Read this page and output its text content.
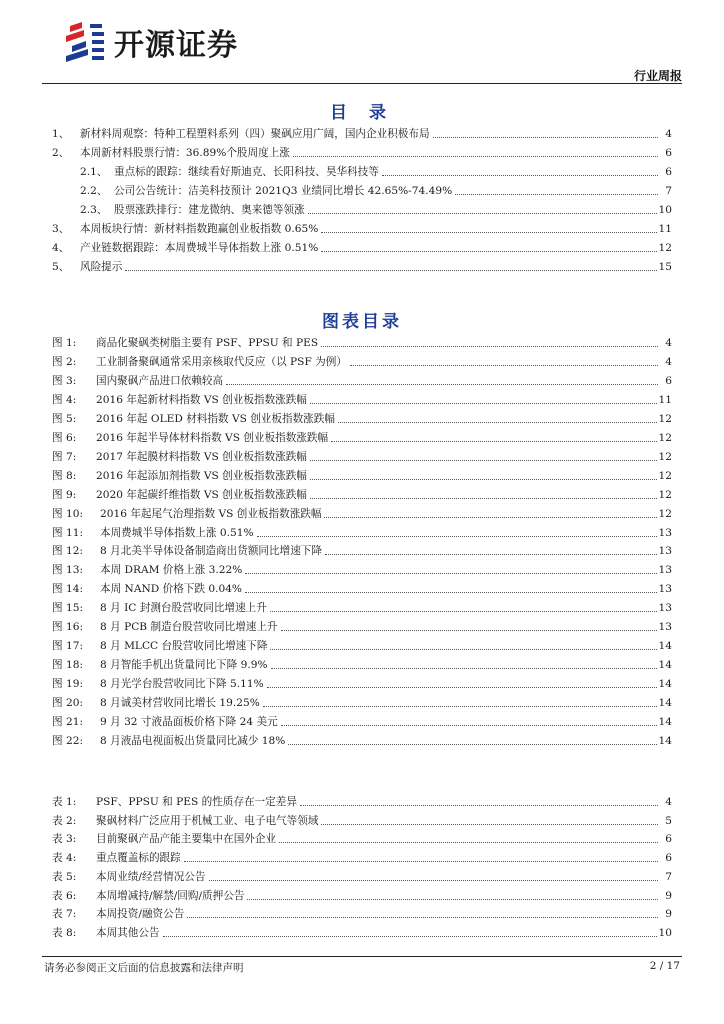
开源证券
行业周报
目 录
1、	新材料周观察：特种工程塑料系列（四）聚砜应用广阔，国内企业积极布局	4
2、	本周新材料股票行情：36.89%个股周度上涨	6
2.1、 重点标的跟踪：继续看好斯迪克、长阳科技、昊华科技等	6
2.2、 公司公告统计：洁美科技预计 2021Q3 业绩同比增长 42.65%-74.49%	7
2.3、 股票涨跌排行：建龙微纳、奥来德等领涨	10
3、	本周板块行情：新材料指数跑赢创业板指数 0.65%	11
4、	产业链数据跟踪：本周费城半导体指数上涨 0.51%	12
5、	风险提示	15
图表目录
图 1:	商品化聚砜类树脂主要有 PSF、PPSU 和 PES	4
图 2:	工业制备聚砜通常采用亲核取代反应（以 PSF 为例）	4
图 3:	国内聚砜产品进口依赖较高	6
图 4:	2016 年起新材料指数 VS 创业板指数涨跌幅	11
图 5:	2016 年起 OLED 材料指数 VS 创业板指数涨跌幅	12
图 6:	2016 年起半导体材料指数 VS 创业板指数涨跌幅	12
图 7:	2017 年起膜材料指数 VS 创业板指数涨跌幅	12
图 8:	2016 年起添加剂指数 VS 创业板指数涨跌幅	12
图 9:	2020 年起碳纤维指数 VS 创业板指数涨跌幅	12
图 10:	2016 年起尾气治理指数 VS 创业板指数涨跌幅	12
图 11:	本周费城半导体指数上涨 0.51%	13
图 12:	8 月北美半导体设备制造商出货额同比增速下降	13
图 13:	本周 DRAM 价格上涨 3.22%	13
图 14:	本周 NAND 价格下跌 0.04%	13
图 15:	8 月 IC 封测台股营收同比增速上升	13
图 16:	8 月 PCB 制造台股营收同比增速上升	13
图 17:	8 月 MLCC 台股营收同比增速下降	14
图 18:	8 月智能手机出货量同比下降 9.9%	14
图 19:	8 月光学台股营收同比下降 5.11%	14
图 20:	8 月诚美材营收同比增长 19.25%	14
图 21:	9 月 32 寸液晶面板价格下降 24 美元	14
图 22:	8 月液晶电视面板出货量同比减少 18%	14
表 1:	PSF、PPSU 和 PES 的性质存在一定差异	4
表 2:	聚砜材料广泛应用于机械工业、电子电气等领域	5
表 3:	目前聚砜产品产能主要集中在国外企业	6
表 4:	重点覆盖标的跟踪	6
表 5:	本周业绩/经营情况公告	7
表 6:	本周增减持/解禁/回购/质押公告	9
表 7:	本周投资/融资公告	9
表 8:	本周其他公告	10
请务必参阅正文后面的信息披露和法律声明	2 / 17
